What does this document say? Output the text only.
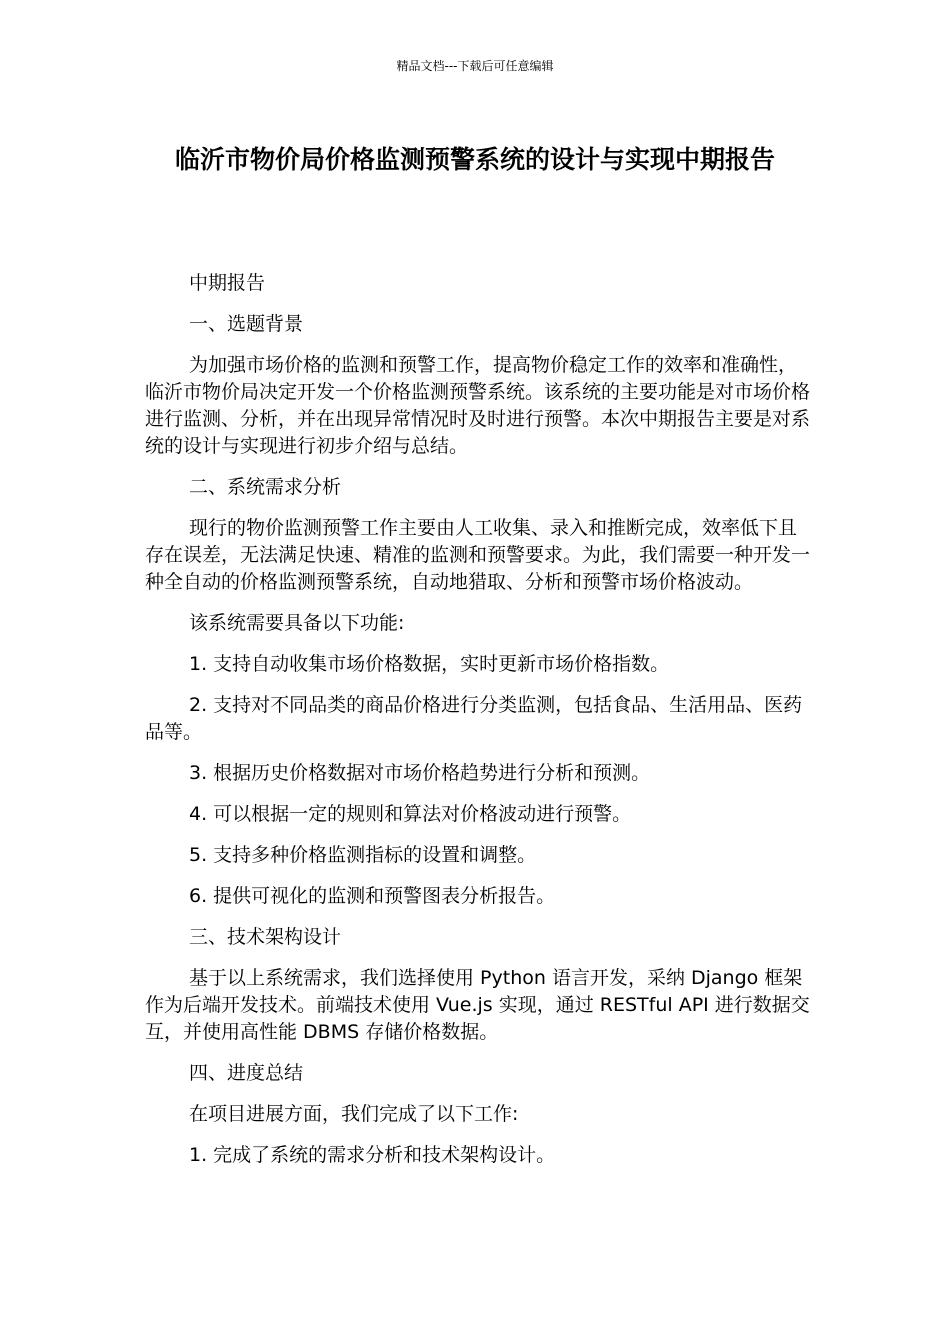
精品文档---下载后可任意编辑
临沂市物价局价格监测预警系统的设计与实现中期报告

中期报告

一、选题背景

为加强市场价格的监测和预警工作，提高物价稳定工作的效率和准确性，临沂市物价局决定开发一个价格监测预警系统。该系统的主要功能是对市场价格进行监测、分析，并在出现异常情况时及时进行预警。本次中期报告主要是对系统的设计与实现进行初步介绍与总结。

二、系统需求分析

现行的物价监测预警工作主要由人工收集、录入和推断完成，效率低下且存在误差，无法满足快速、精准的监测和预警要求。为此，我们需要一种开发一种全自动的价格监测预警系统，自动地猎取、分析和预警市场价格波动。

该系统需要具备以下功能:

1. 支持自动收集市场价格数据，实时更新市场价格指数。

2. 支持对不同品类的商品价格进行分类监测，包括食品、生活用品、医药品等。

3. 根据历史价格数据对市场价格趋势进行分析和预测。

4. 可以根据一定的规则和算法对价格波动进行预警。

5. 支持多种价格监测指标的设置和调整。

6. 提供可视化的监测和预警图表分析报告。

三、技术架构设计

基于以上系统需求，我们选择使用 Python 语言开发，采纳 Django 框架作为后端开发技术。前端技术使用 Vue.js 实现，通过 RESTful API 进行数据交互，并使用高性能 DBMS 存储价格数据。

四、进度总结

在项目进展方面，我们完成了以下工作:

1. 完成了系统的需求分析和技术架构设计。
